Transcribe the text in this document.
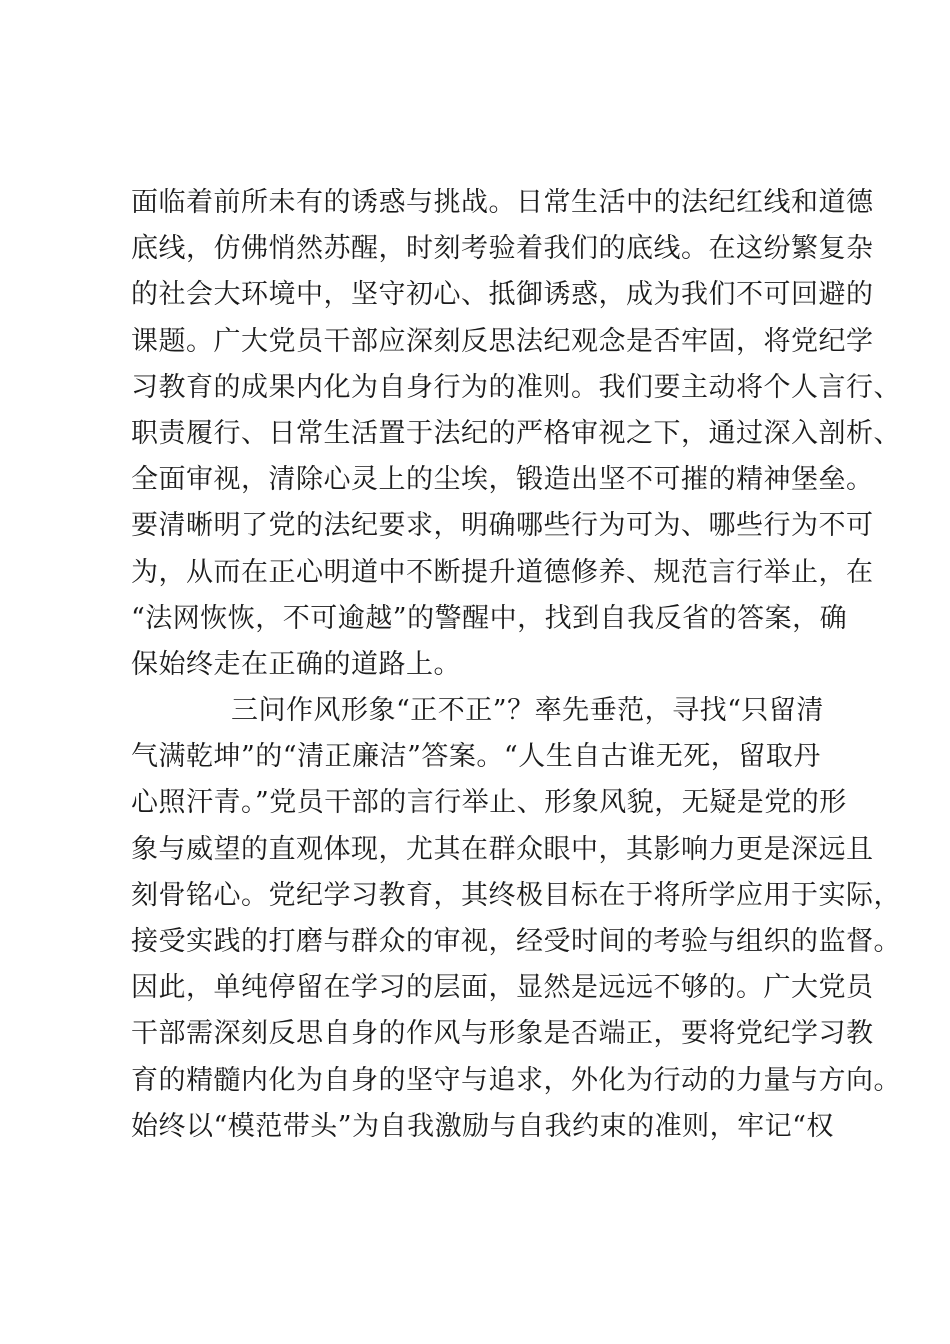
面临着前所未有的诱惑与挑战。日常生活中的法纪红线和道德
底线，仿佛悄然苏醒，时刻考验着我们的底线。在这纷繁复杂
的社会大环境中，坚守初心、抵御诱惑，成为我们不可回避的
课题。广大党员干部应深刻反思法纪观念是否牢固，将党纪学
习教育的成果内化为自身行为的准则。我们要主动将个人言行、
职责履行、日常生活置于法纪的严格审视之下，通过深入剖析、
全面审视，清除心灵上的尘埃，锻造出坚不可摧的精神堡垒。
要清晰明了党的法纪要求，明确哪些行为可为、哪些行为不可
为，从而在正心明道中不断提升道德修养、规范言行举止，在
“法网恢恢，不可逾越”的警醒中，找到自我反省的答案，确
保始终走在正确的道路上。
三问作风形象“正不正”？率先垂范，寻找“只留清
气满乾坤”的“清正廉洁”答案。“人生自古谁无死，留取丹
心照汗青。”党员干部的言行举止、形象风貌，无疑是党的形
象与威望的直观体现，尤其在群众眼中，其影响力更是深远且
刻骨铭心。党纪学习教育，其终极目标在于将所学应用于实际，
接受实践的打磨与群众的审视，经受时间的考验与组织的监督。
因此，单纯停留在学习的层面，显然是远远不够的。广大党员
干部需深刻反思自身的作风与形象是否端正，要将党纪学习教
育的精髓内化为自身的坚守与追求，外化为行动的力量与方向。
始终以“模范带头”为自我激励与自我约束的准则，牢记“权
